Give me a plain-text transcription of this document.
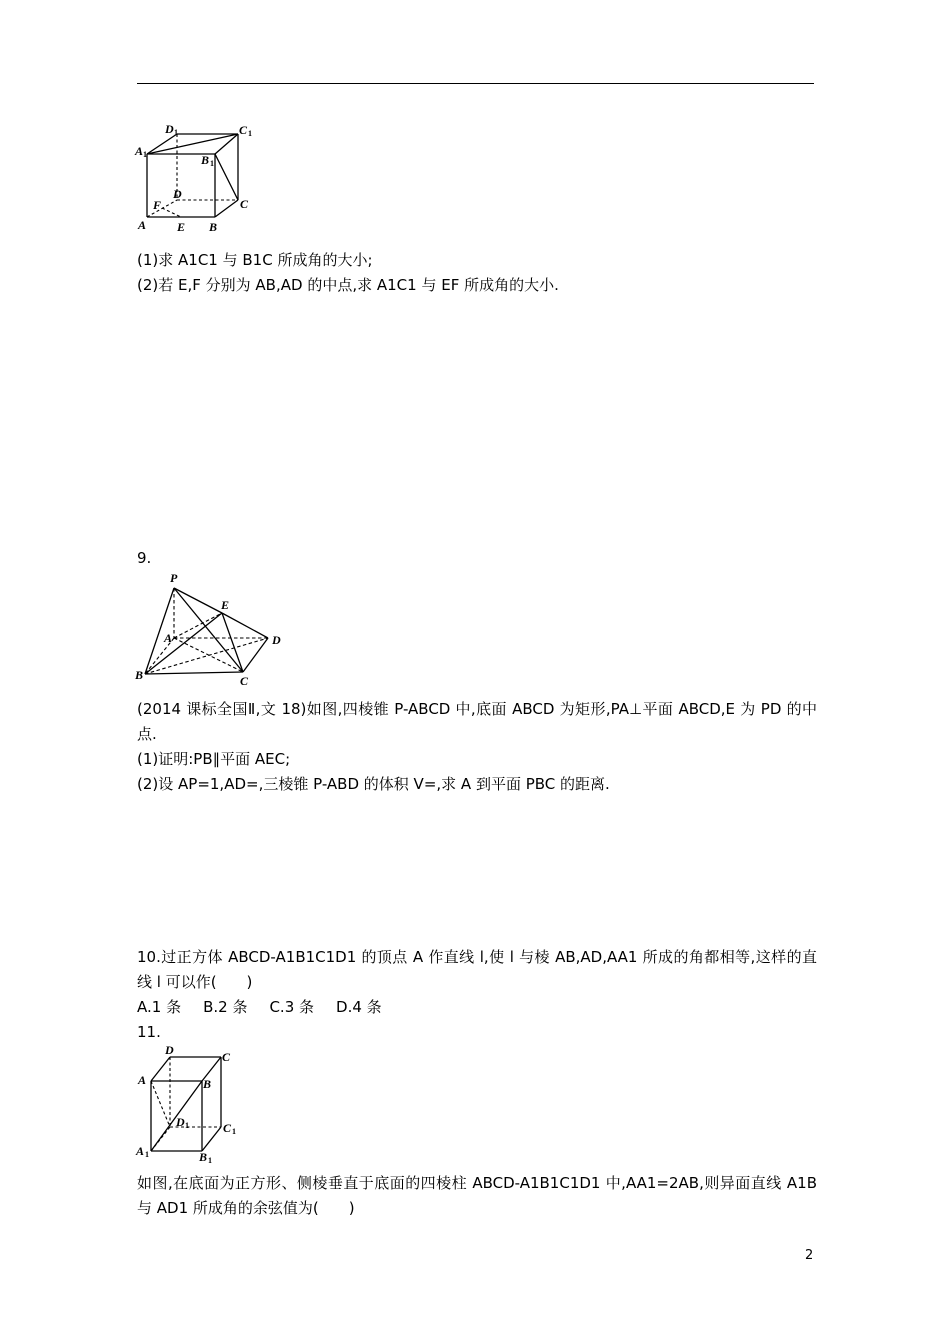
D 1	C 1
A 1	B 1
D
C
F
A	E B
(1)求 A1C1 与 B1C 所成角的大小;
(2)若 E,F 分别为 AB,AD 的中点,求 A1C1 与 EF 所成角的大小.
9.
P
E
A	D
B	C
(2014 课标全国Ⅱ,文 18)如图,四棱锥 P-ABCD 中,底面 ABCD 为矩形,PA⊥平面 ABCD,E 为 PD 的中点.
(1)证明:PB∥平面 AEC;
(2)设 AP=1,AD=,三棱锥 P-ABD 的体积 V=,求 A 到平面 PBC 的距离.
10.过正方体 ABCD-A1B1C1D1 的顶点 A 作直线 l,使 l 与棱 AB,AD,AA1 所成的角都相等,这样的直线 l 可以作(　　)
A.1 条 B.2 条 C.3 条 D.4 条
11.
D	C
A	B
D 1	C 1
A 1	B 1
如图,在底面为正方形、侧棱垂直于底面的四棱柱 ABCD-A1B1C1D1 中,AA1=2AB,则异面直线 A1B 与 AD1 所成角的余弦值为(　　)
2
